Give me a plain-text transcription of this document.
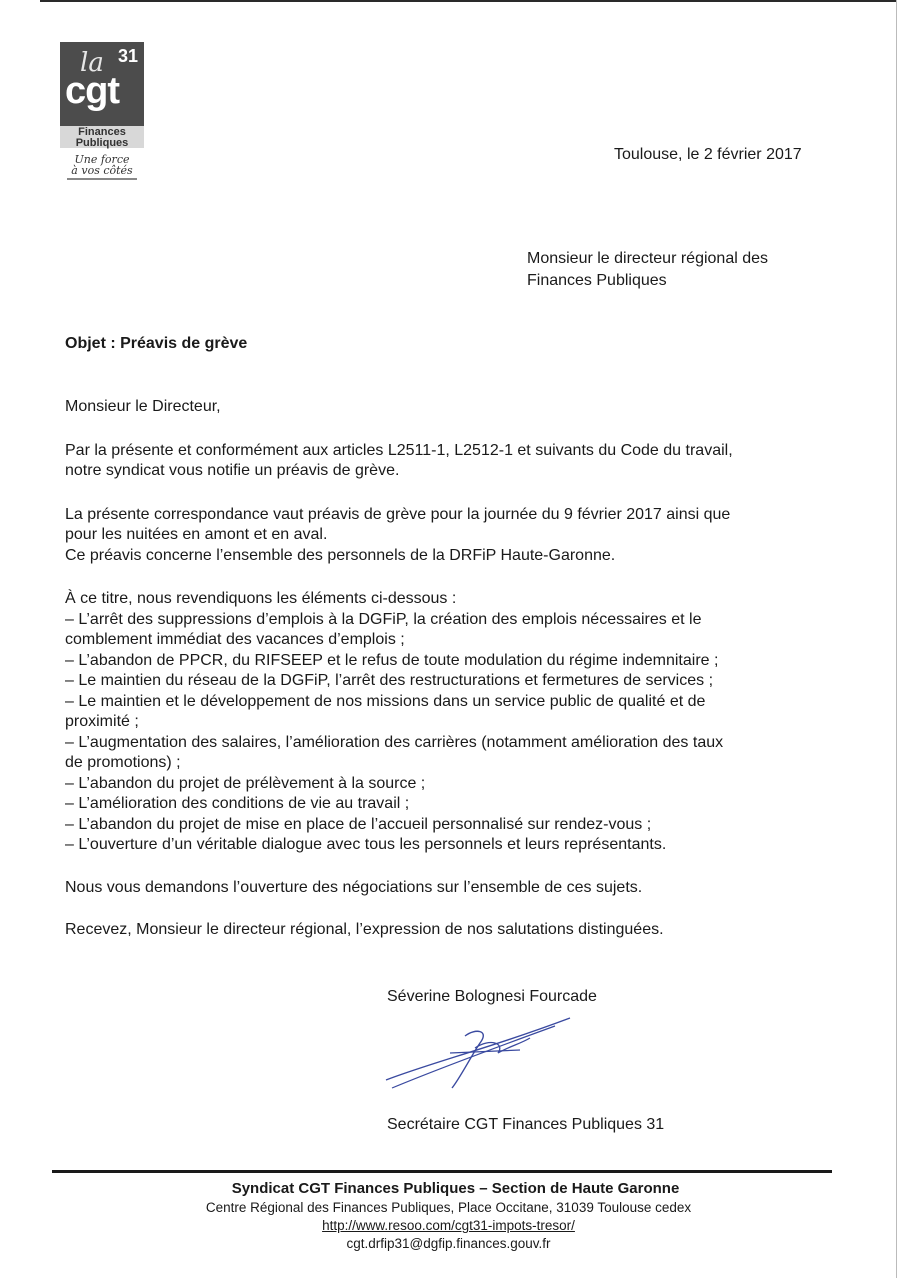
la 31
cgt
Finances
Publiques
Une force
à vos côtés
Toulouse, le 2 février 2017
Monsieur le directeur régional des
Finances Publiques
Objet : Préavis de grève

Monsieur le Directeur,

Par la présente et conformément aux articles L2511-1, L2512-1 et suivants du Code du travail,

notre syndicat vous notifie un préavis de grève.

La présente correspondance vaut préavis de grève pour la journée du 9 février 2017 ainsi que

pour les nuitées en amont et en aval.

Ce préavis concerne l’ensemble des personnels de la DRFiP Haute-Garonne.

À ce titre, nous revendiquons les éléments ci-dessous :

– L’arrêt des suppressions d’emplois à la DGFiP, la création des emplois nécessaires et le

comblement immédiat des vacances d’emplois ;

– L’abandon de PPCR, du RIFSEEP et le refus de toute modulation du régime indemnitaire ;

– Le maintien du réseau de la DGFiP, l’arrêt des restructurations et fermetures de services ;

– Le maintien et le développement de nos missions dans un service public de qualité et de

proximité ;

– L’augmentation des salaires, l’amélioration des carrières (notamment amélioration des taux

de promotions) ;

– L’abandon du projet de prélèvement à la source ;

– L’amélioration des conditions de vie au travail ;

– L’abandon du projet de mise en place de l’accueil personnalisé sur rendez-vous ;

– L’ouverture d’un véritable dialogue avec tous les personnels et leurs représentants.

Nous vous demandons l’ouverture des négociations sur l’ensemble de ces sujets.

Recevez, Monsieur le directeur régional, l’expression de nos salutations distinguées.

Séverine Bolognesi Fourcade
Secrétaire CGT Finances Publiques 31
Syndicat CGT Finances Publiques – Section de Haute Garonne
Centre Régional des Finances Publiques, Place Occitane, 31039 Toulouse cedex
http://www.resoo.com/cgt31-impots-tresor/
cgt.drfip31@dgfip.finances.gouv.fr
